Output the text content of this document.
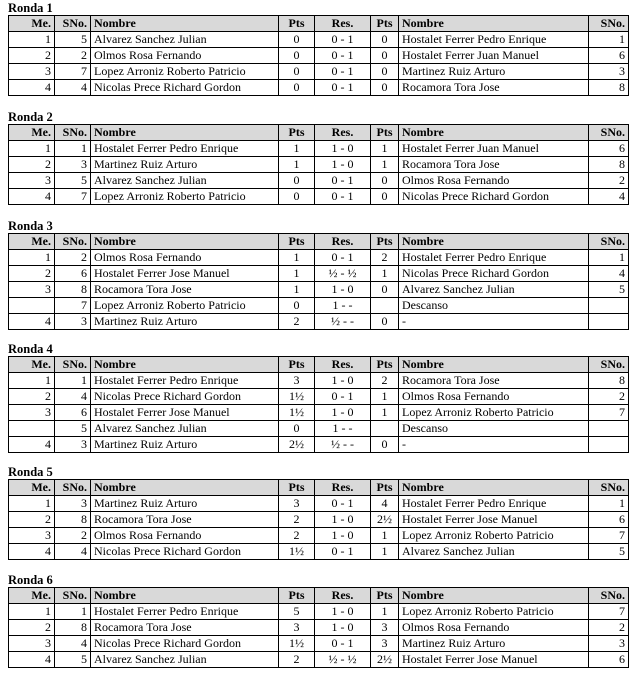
Ronda 1
Me.	SNo.	Nombre	Pts	Res.	Pts	Nombre	SNo.
1	5	Alvarez Sanchez Julian	0	0 - 1	0	Hostalet Ferrer Pedro Enrique	1
2	2	Olmos Rosa Fernando	0	0 - 1	0	Hostalet Ferrer Juan Manuel	6
3	7	Lopez Arroniz Roberto Patricio	0	0 - 1	0	Martinez Ruiz Arturo	3
4	4	Nicolas Prece Richard Gordon	0	0 - 1	0	Rocamora Tora Jose	8
Ronda 2
Me.	SNo.	Nombre	Pts	Res.	Pts	Nombre	SNo.
1	1	Hostalet Ferrer Pedro Enrique	1	1 - 0	1	Hostalet Ferrer Juan Manuel	6
2	3	Martinez Ruiz Arturo	1	1 - 0	1	Rocamora Tora Jose	8
3	5	Alvarez Sanchez Julian	0	0 - 1	0	Olmos Rosa Fernando	2
4	7	Lopez Arroniz Roberto Patricio	0	0 - 1	0	Nicolas Prece Richard Gordon	4
Ronda 3
Me.	SNo.	Nombre	Pts	Res.	Pts	Nombre	SNo.
1	2	Olmos Rosa Fernando	1	0 - 1	2	Hostalet Ferrer Pedro Enrique	1
2	6	Hostalet Ferrer Jose Manuel	1	½ - ½	1	Nicolas Prece Richard Gordon	4
3	8	Rocamora Tora Jose	1	1 - 0	0	Alvarez Sanchez Julian	5
	7	Lopez Arroniz Roberto Patricio	0	1 - -		Descanso	
4	3	Martinez Ruiz Arturo	2	½ - -	0	-	
Ronda 4
Me.	SNo.	Nombre	Pts	Res.	Pts	Nombre	SNo.
1	1	Hostalet Ferrer Pedro Enrique	3	1 - 0	2	Rocamora Tora Jose	8
2	4	Nicolas Prece Richard Gordon	1½	0 - 1	1	Olmos Rosa Fernando	2
3	6	Hostalet Ferrer Jose Manuel	1½	1 - 0	1	Lopez Arroniz Roberto Patricio	7
	5	Alvarez Sanchez Julian	0	1 - -		Descanso	
4	3	Martinez Ruiz Arturo	2½	½ - -	0	-	
Ronda 5
Me.	SNo.	Nombre	Pts	Res.	Pts	Nombre	SNo.
1	3	Martinez Ruiz Arturo	3	0 - 1	4	Hostalet Ferrer Pedro Enrique	1
2	8	Rocamora Tora Jose	2	1 - 0	2½	Hostalet Ferrer Jose Manuel	6
3	2	Olmos Rosa Fernando	2	1 - 0	1	Lopez Arroniz Roberto Patricio	7
4	4	Nicolas Prece Richard Gordon	1½	0 - 1	1	Alvarez Sanchez Julian	5
Ronda 6
Me.	SNo.	Nombre	Pts	Res.	Pts	Nombre	SNo.
1	1	Hostalet Ferrer Pedro Enrique	5	1 - 0	1	Lopez Arroniz Roberto Patricio	7
2	8	Rocamora Tora Jose	3	1 - 0	3	Olmos Rosa Fernando	2
3	4	Nicolas Prece Richard Gordon	1½	0 - 1	3	Martinez Ruiz Arturo	3
4	5	Alvarez Sanchez Julian	2	½ - ½	2½	Hostalet Ferrer Jose Manuel	6
